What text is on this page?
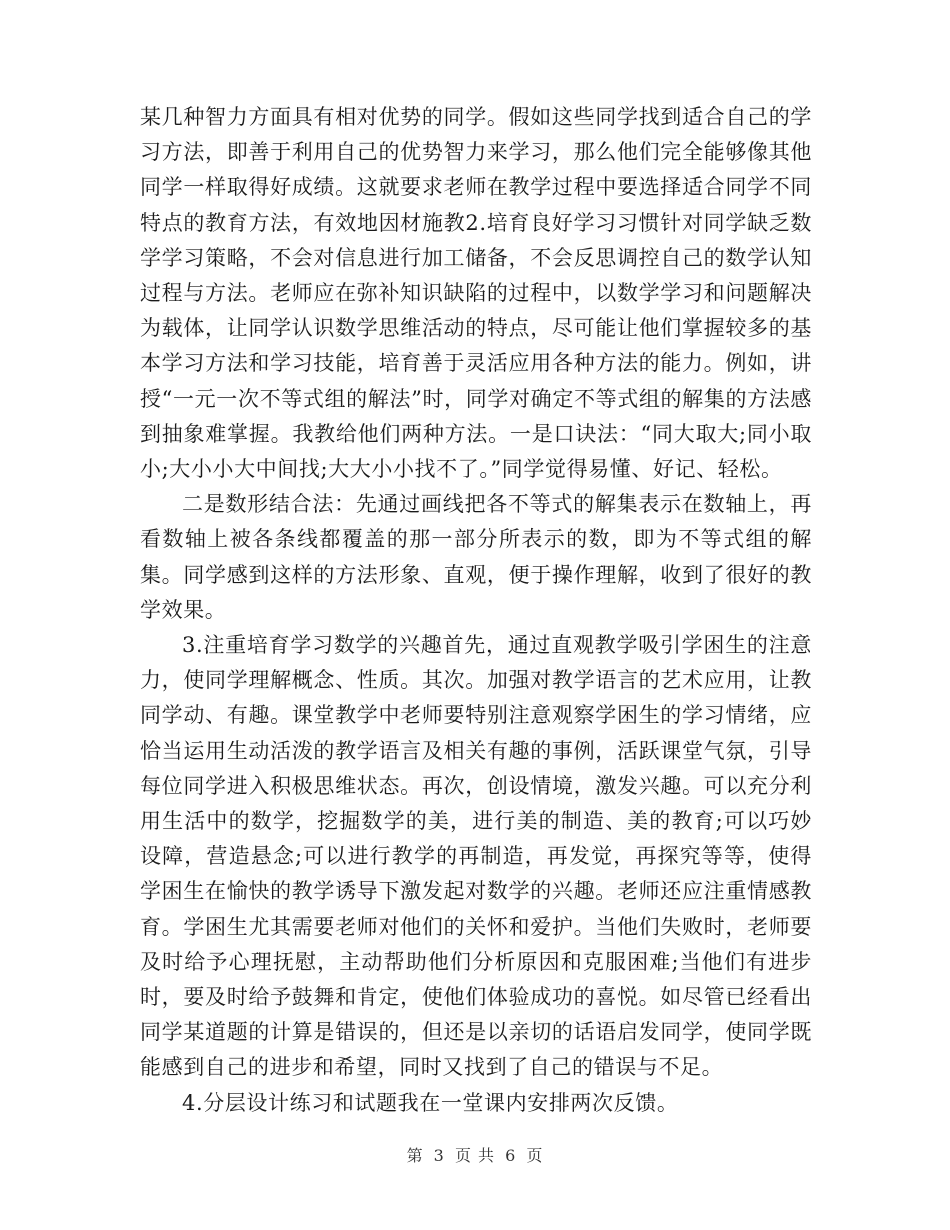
某几种智力方面具有相对优势的同学。假如这些同学找到适合自己的学习方法，即善于利用自己的优势智力来学习，那么他们完全能够像其他同学一样取得好成绩。这就要求老师在教学过程中要选择适合同学不同特点的教育方法，有效地因材施教2.培育良好学习习惯针对同学缺乏数学学习策略，不会对信息进行加工储备，不会反思调控自己的数学认知过程与方法。老师应在弥补知识缺陷的过程中，以数学学习和问题解决为载体，让同学认识数学思维活动的特点，尽可能让他们掌握较多的基本学习方法和学习技能，培育善于灵活应用各种方法的能力。例如，讲授“一元一次不等式组的解法”时，同学对确定不等式组的解集的方法感到抽象难掌握。我教给他们两种方法。一是口诀法：“同大取大;同小取小;大小小大中间找;大大小小找不了。”同学觉得易懂、好记、轻松。

二是数形结合法：先通过画线把各不等式的解集表示在数轴上，再看数轴上被各条线都覆盖的那一部分所表示的数，即为不等式组的解集。同学感到这样的方法形象、直观，便于操作理解，收到了很好的教学效果。

3.注重培育学习数学的兴趣首先，通过直观教学吸引学困生的注意力，使同学理解概念、性质。其次。加强对教学语言的艺术应用，让教同学动、有趣。课堂教学中老师要特别注意观察学困生的学习情绪，应恰当运用生动活泼的教学语言及相关有趣的事例，活跃课堂气氛，引导每位同学进入积极思维状态。再次，创设情境，激发兴趣。可以充分利用生活中的数学，挖掘数学的美，进行美的制造、美的教育;可以巧妙设障，营造悬念;可以进行教学的再制造，再发觉，再探究等等，使得学困生在愉快的教学诱导下激发起对数学的兴趣。老师还应注重情感教育。学困生尤其需要老师对他们的关怀和爱护。当他们失败时，老师要及时给予心理抚慰，主动帮助他们分析原因和克服困难;当他们有进步时，要及时给予鼓舞和肯定，使他们体验成功的喜悦。如尽管已经看出同学某道题的计算是错误的，但还是以亲切的话语启发同学，使同学既能感到自己的进步和希望，同时又找到了自己的错误与不足。

4.分层设计练习和试题我在一堂课内安排两次反馈。

第 3 页 共 6 页
